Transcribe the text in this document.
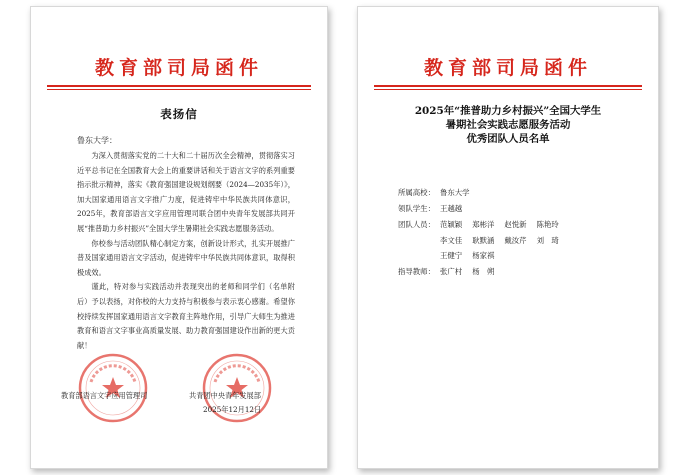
教育部司局函件
表扬信
鲁东大学：

为深入贯彻落实党的二十大和二十届历次全会精神，贯彻落实习近平总书记在全国教育大会上的重要讲话和关于语言文字的系列重要指示批示精神，落实《教育强国建设规划纲要（2024—2035年）》，加大国家通用语言文字推广力度，促进铸牢中华民族共同体意识，2025年，教育部语言文字应用管理司联合团中央青年发展部共同开展“推普助力乡村振兴”全国大学生暑期社会实践志愿服务活动。

你校参与活动团队精心制定方案，创新设计形式，扎实开展推广普及国家通用语言文字活动，促进铸牢中华民族共同体意识，取得积极成效。

谨此，特对参与实践活动并表现突出的老师和同学们（名单附后）予以表扬，对你校的大力支持与积极参与表示衷心感谢。希望你校持续发挥国家通用语言文字教育主阵地作用，引导广大师生为推进教育和语言文字事业高质量发展、助力教育强国建设作出新的更大贡献！

教育部语言文字应用管理司	共青团中央青年发展部
2025年12月12日
教育部司局函件
2025年“推普助力乡村振兴”全国大学生
暑期社会实践志愿服务活动
优秀团队人员名单
所属高校： 鲁东大学
领队学生： 王越越
团队人员： 范颖颖 郑彬洋 赵悦新 陈艳玲
李文佳 耿默涵 戴汝芹 刘　琦
王健宁 杨家祺
指导教师： 张广村 杨　朔
